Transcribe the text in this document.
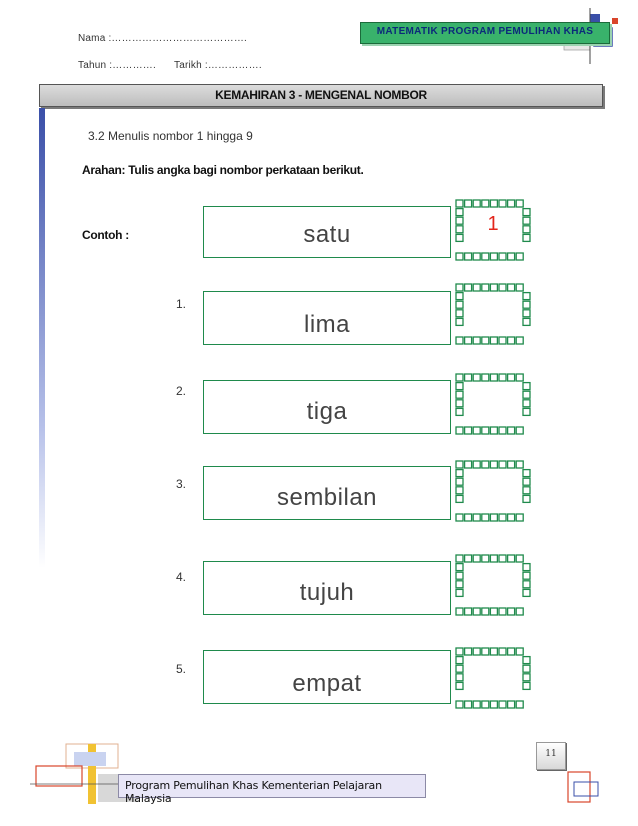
Nama :………………………………….
Tahun :…………. Tarikh :…………….
MATEMATIK PROGRAM PEMULIHAN KHAS
KEMAHIRAN 3 - MENGENAL NOMBOR
3.2 Menulis nombor 1 hingga 9
Arahan: Tulis angka bagi nombor perkataan berikut.
Contoh :	satu	1
1.
lima
2.
tiga
3.	sembilan
4.
tujuh
5.
empat
11
Program Pemulihan Khas Kementerian Pelajaran Malaysia
